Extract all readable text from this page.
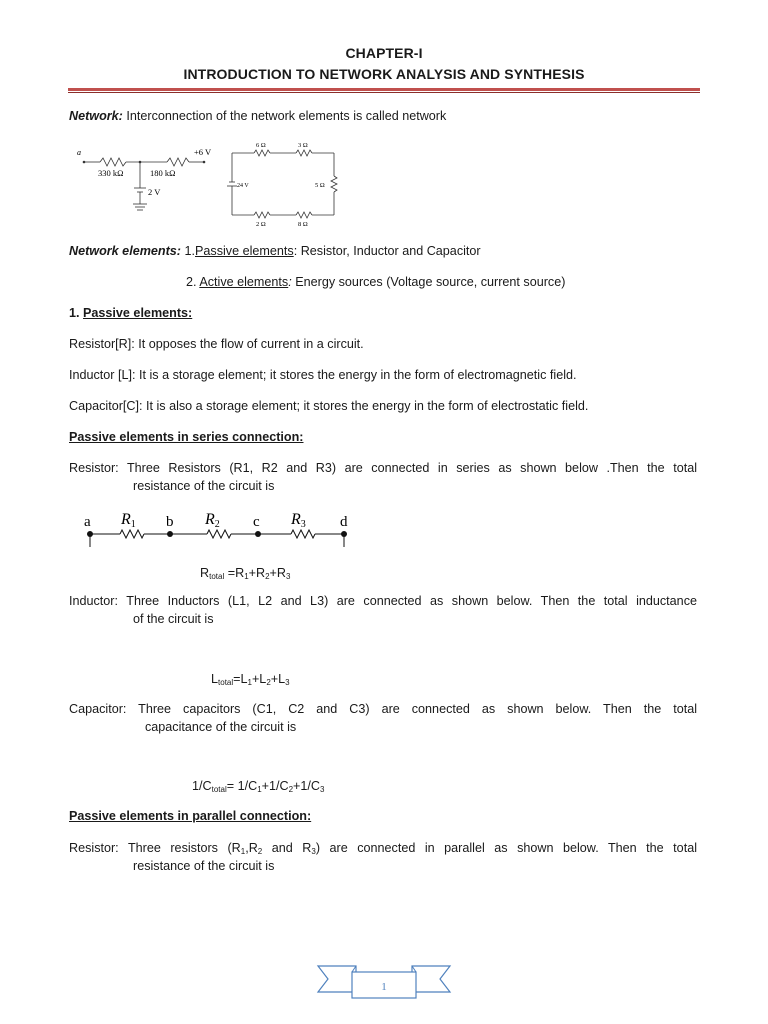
CHAPTER-I
INTRODUCTION TO NETWORK ANALYSIS AND SYNTHESIS
Network: Interconnection of the network elements is called network
a
330 kΩ	180 kΩ
+6 V
2 V
6 Ω	3 Ω
5 Ω
24 V
2 Ω	8 Ω
Network elements: 1.Passive elements: Resistor, Inductor and Capacitor
2. Active elements: Energy sources (Voltage source, current source)
1. Passive elements:
Resistor[R]: It opposes the flow of current in a circuit.
Inductor [L]: It is a storage element; it stores the energy in the form of electromagnetic field.
Capacitor[C]: It is also a storage element; it stores the energy in the form of electrostatic field.
Passive elements in series connection:
Resistor: Three Resistors (R1, R2 and R3) are connected in series as shown below .Then the total
resistance of the circuit is
a	b	c	d
R1	R2	R3
$R_{total} =R_1+R_2+R_3$
Inductor: Three Inductors (L1, L2 and L3) are connected as shown below. Then the total inductance
of the circuit is
$L_{total}=L_1+L_2+L_3$
Capacitor: Three capacitors (C1, C2 and C3) are connected as shown below. Then the total
capacitance of the circuit is
$1/C_{total}= 1/C_1+1/C_2+1/C_3$
Passive elements in parallel connection:
Resistor: Three resistors ($R_1,R_2$ and $R_3$) are connected in parallel as shown below. Then the total
resistance of the circuit is
1
